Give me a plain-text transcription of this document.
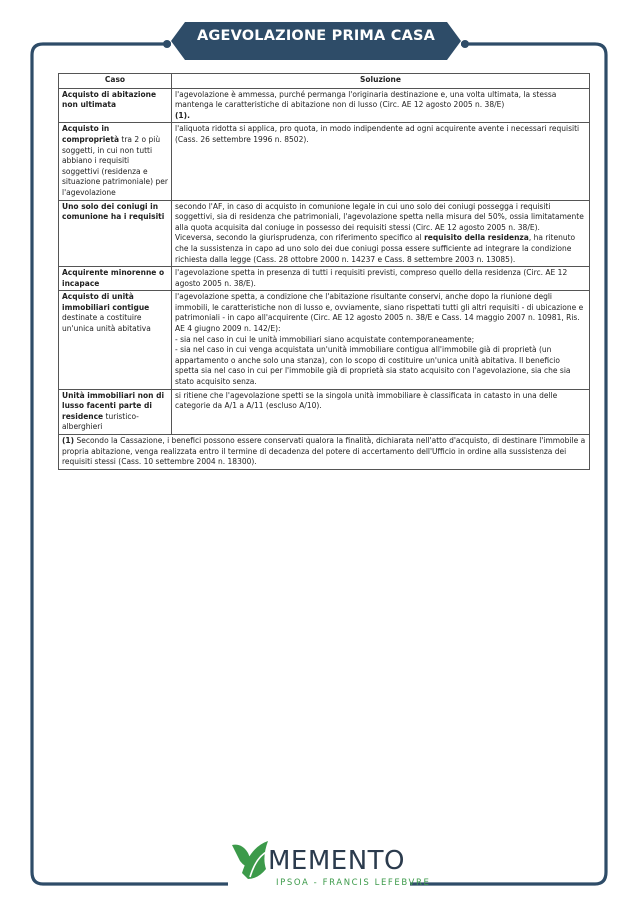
AGEVOLAZIONE PRIMA CASA
Caso	Soluzione
Acquisto di abitazione non ultimata	l'agevolazione è ammessa, purché permanga l'originaria destinazione e, una volta ultimata, la stessa mantenga le caratteristiche di abitazione non di lusso (Circ. AE 12 agosto 2005 n. 38/E)
(1).

Acquisto in comproprietà tra 2 o più soggetti, in cui non tutti abbiano i requisiti soggettivi (residenza e situazione patrimoniale) per l'agevolazione	l'aliquota ridotta si applica, pro quota, in modo indipendente ad ogni acquirente avente i necessari requisiti (Cass. 26 settembre 1996 n. 8502).
Uno solo dei coniugi in comunione ha i requisiti	secondo l'AF, in caso di acquisto in comunione legale in cui uno solo dei coniugi possegga i requisiti soggettivi, sia di residenza che patrimoniali, l'agevolazione spetta nella misura del 50%, ossia limitatamente alla quota acquisita dal coniuge in possesso dei requisiti stessi (Circ. AE 12 agosto 2005 n. 38/E).
Viceversa, secondo la giurisprudenza, con riferimento specifico al requisito della residenza, ha ritenuto che la sussistenza in capo ad uno solo dei due coniugi possa essere sufficiente ad integrare la condizione richiesta dalla legge (Cass. 28 ottobre 2000 n. 14237 e Cass. 8 settembre 2003 n. 13085).
Acquirente minorenne o incapace	l'agevolazione spetta in presenza di tutti i requisiti previsti, compreso quello della residenza (Circ. AE 12 agosto 2005 n. 38/E).
Acquisto di unità immobiliari contigue destinate a costituire un'unica unità abitativa	l'agevolazione spetta, a condizione che l'abitazione risultante conservi, anche dopo la riunione degli immobili, le caratteristiche non di lusso e, ovviamente, siano rispettati tutti gli altri requisiti - di ubicazione e patrimoniali - in capo all'acquirente (Circ. AE 12 agosto 2005 n. 38/E e Cass. 14 maggio 2007 n. 10981, Ris. AE 4 giugno 2009 n. 142/E):
- sia nel caso in cui le unità immobiliari siano acquistate contemporaneamente;
- sia nel caso in cui venga acquistata un'unità immobiliare contigua all'immobile già di proprietà (un appartamento o anche solo una stanza), con lo scopo di costituire un'unica unità abitativa. Il beneficio spetta sia nel caso in cui per l'immobile già di proprietà sia stato acquisito con l'agevolazione, sia che sia stato acquisito senza.

Unità immobiliari non di lusso facenti parte di residence turistico-alberghieri	si ritiene che l'agevolazione spetti se la singola unità immobiliare è classificata in catasto in una delle categorie da A/1 a A/11 (escluso A/10).
(1) Secondo la Cassazione, i benefici possono essere conservati qualora la finalità, dichiarata nell'atto d'acquisto, di destinare l'immobile a propria abitazione, venga realizzata entro il termine di decadenza del potere di accertamento dell'Ufficio in ordine alla sussistenza dei requisiti stessi (Cass. 10 settembre 2004 n. 18300).	
MEMENTO
IPSOA - FRANCIS LEFEBVRE
